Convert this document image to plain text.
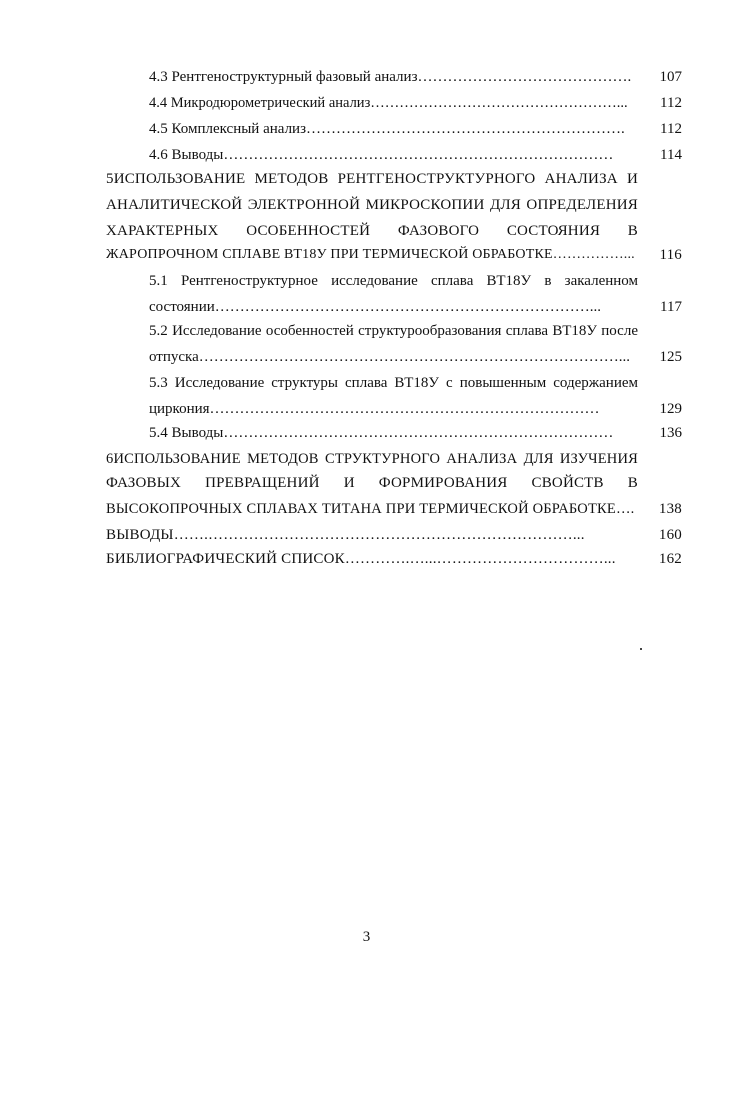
4.3 Рентгеноструктурный фазовый анализ…………………………………….	107
4.4 Микродюрометрический анализ……………………………………………...	112
4.5 Комплексный анализ……………………………………………………….	112
4.6 Выводы……………………………………………………………………	114
5ИСПОЛЬЗОВАНИЕ МЕТОДОВ РЕНТГЕНОСТРУКТУРНОГО АНАЛИЗА И
АНАЛИТИЧЕСКОЙ ЭЛЕКТРОННОЙ МИКРОСКОПИИ ДЛЯ ОПРЕДЕЛЕНИЯ
ХАРАКТЕРНЫХ ОСОБЕННОСТЕЙ ФАЗОВОГО СОСТОЯНИЯ В
ЖАРОПРОЧНОМ СПЛАВЕ ВТ18У ПРИ ТЕРМИЧЕСКОЙ ОБРАБОТКЕ……………...	116
5.1 Рентгеноструктурное исследование сплава ВТ18У в закаленном
состоянии…………………………………………………………………...	117
5.2 Исследование особенностей структурообразования сплава ВТ18У после
отпуска…………………………………………………………………………...	125
5.3 Исследование структуры сплава ВТ18У с повышенным содержанием
циркония……………………………………………………………………	129
5.4 Выводы……………………………………………………………………	136
6ИСПОЛЬЗОВАНИЕ МЕТОДОВ СТРУКТУРНОГО АНАЛИЗА ДЛЯ ИЗУЧЕНИЯ
ФАЗОВЫХ ПРЕВРАЩЕНИЙ И ФОРМИРОВАНИЯ СВОЙСТВ В
ВЫСОКОПРОЧНЫХ СПЛАВАХ ТИТАНА ПРИ ТЕРМИЧЕСКОЙ ОБРАБОТКЕ….	138
ВЫВОДЫ…….………………………………………………………………...	160
БИБЛИОГРАФИЧЕСКИЙ СПИСОК………….…...……………………………...	162
3
